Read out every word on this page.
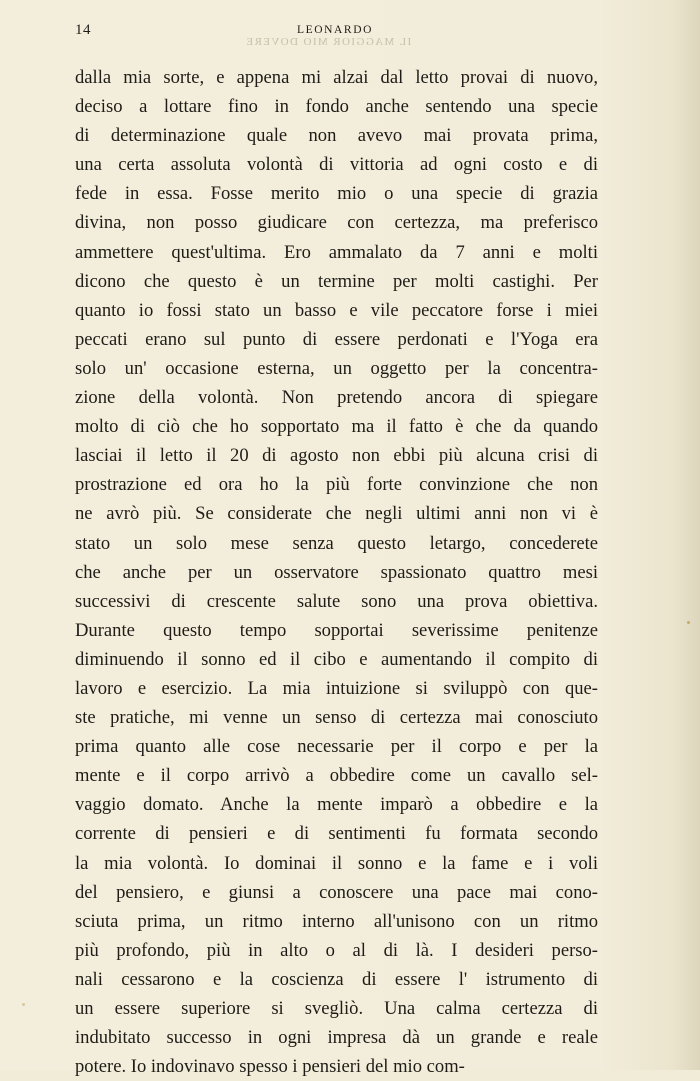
14	LEONARDO
IL MAGGIOR MIO DOVERE
dalla mia sorte, e appena mi alzai dal letto provai di nuovo,
deciso a lottare fino in fondo anche sentendo una specie
di determinazione quale non avevo mai provata prima,
una certa assoluta volontà di vittoria ad ogni costo e di
fede in essa. Fosse merito mio o una specie di grazia
divina, non posso giudicare con certezza, ma preferisco
ammettere quest'ultima. Ero ammalato da 7 anni e molti
dicono che questo è un termine per molti castighi. Per
quanto io fossi stato un basso e vile peccatore forse i miei
peccati erano sul punto di essere perdonati e l'Yoga era
solo un' occasione esterna, un oggetto per la concentra-
zione della volontà. Non pretendo ancora di spiegare
molto di ciò che ho sopportato ma il fatto è che da quando
lasciai il letto il 20 di agosto non ebbi più alcuna crisi di
prostrazione ed ora ho la più forte convinzione che non
ne avrò più. Se considerate che negli ultimi anni non vi è
stato un solo mese senza questo letargo, concederete
che anche per un osservatore spassionato quattro mesi
successivi di crescente salute sono una prova obiettiva.
Durante questo tempo sopportai severissime penitenze
diminuendo il sonno ed il cibo e aumentando il compito di
lavoro e esercizio. La mia intuizione si sviluppò con que-
ste pratiche, mi venne un senso di certezza mai conosciuto
prima quanto alle cose necessarie per il corpo e per la
mente e il corpo arrivò a obbedire come un cavallo sel-
vaggio domato. Anche la mente imparò a obbedire e la
corrente di pensieri e di sentimenti fu formata secondo
la mia volontà. Io dominai il sonno e la fame e i voli
del pensiero, e giunsi a conoscere una pace mai cono-
sciuta prima, un ritmo interno all'unisono con un ritmo
più profondo, più in alto o al di là. I desideri perso-
nali cessarono e la coscienza di essere l' istrumento di
un essere superiore si svegliò. Una calma certezza di
indubitato successo in ogni impresa dà un grande e reale
potere. Io indovinavo spesso i pensieri del mio com-
